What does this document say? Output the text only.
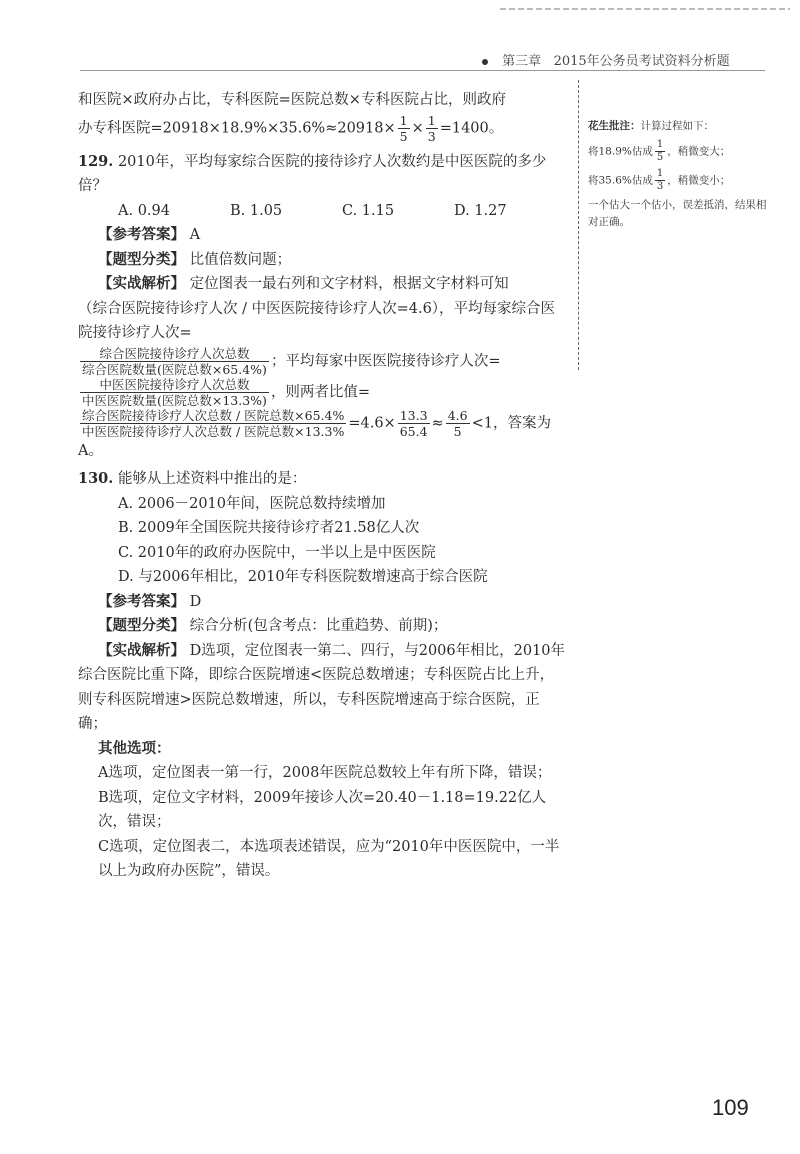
第三章 2015年公务员考试资料分析题

和医院×政府办占比，专科医院=医院总数×专科医院占比，则政府

办专科医院$=20918\times 18.9\%\times 35.6\%\approx 20918\times \frac{1}{5} \times \frac{1}{3} =1400$。

129. 2010年，平均每家综合医院的接待诊疗人次数约是中医医院的多少倍？

A. 0.94	B. 1.05	C. 1.15	D. 1.27

【参考答案】 A

【题型分类】 比值倍数问题；

【实战解析】 定位图表一最右列和文字材料，根据文字材料可知

（综合医院接待诊疗人次 / 中医医院接待诊疗人次=4.6），平均每家综合医院接待诊疗人次=

$\frac{\text{综合医院接待诊疗人次总数}}{\text{综合医院数量(医院总数×65.4\%)}}$ ；平均每家中医医院接待诊疗人次=

$\frac{\text{中医医院接待诊疗人次总数}}{\text{中医医院数量(医院总数×13.3\%)}}$ ，则两者比值=

$\frac{\text{综合医院接待诊疗人次总数 / 医院总数×65.4\%}}{\text{中医医院接待诊疗人次总数 / 医院总数×13.3\%}} =4.6\times \frac{13.3}{65.4} \approx \frac{4.6}{5} <1$，答案为A。

130. 能够从上述资料中推出的是：

A. 2006－2010年间，医院总数持续增加

B. 2009年全国医院共接待诊疗者21.58亿人次

C. 2010年的政府办医院中，一半以上是中医医院

D. 与2006年相比，2010年专科医院数增速高于综合医院

【参考答案】 D

【题型分类】 综合分析(包含考点：比重趋势、前期)；

【实战解析】 D选项，定位图表一第二、四行，与2006年相比，2010年综合医院比重下降，即综合医院增速<医院总数增速；专科医院占比上升，则专科医院增速>医院总数增速，所以，专科医院增速高于综合医院，正确；

其他选项：

A选项，定位图表一第一行，2008年医院总数较上年有所下降，错误；

B选项，定位文字材料，2009年接诊人次=20.40－1.18=19.22亿人次，错误；

C选项，定位图表二，本选项表述错误，应为“2010年中医医院中，一半以上为政府办医院”，错误。

花生批注：计算过程如下：

将18.9%估成 $\frac{1}{5}$ ，稍微变大；

将35.6%估成 $\frac{1}{3}$ ，稍微变小；

一个估大一个估小，误差抵消，结果相对正确。

109
